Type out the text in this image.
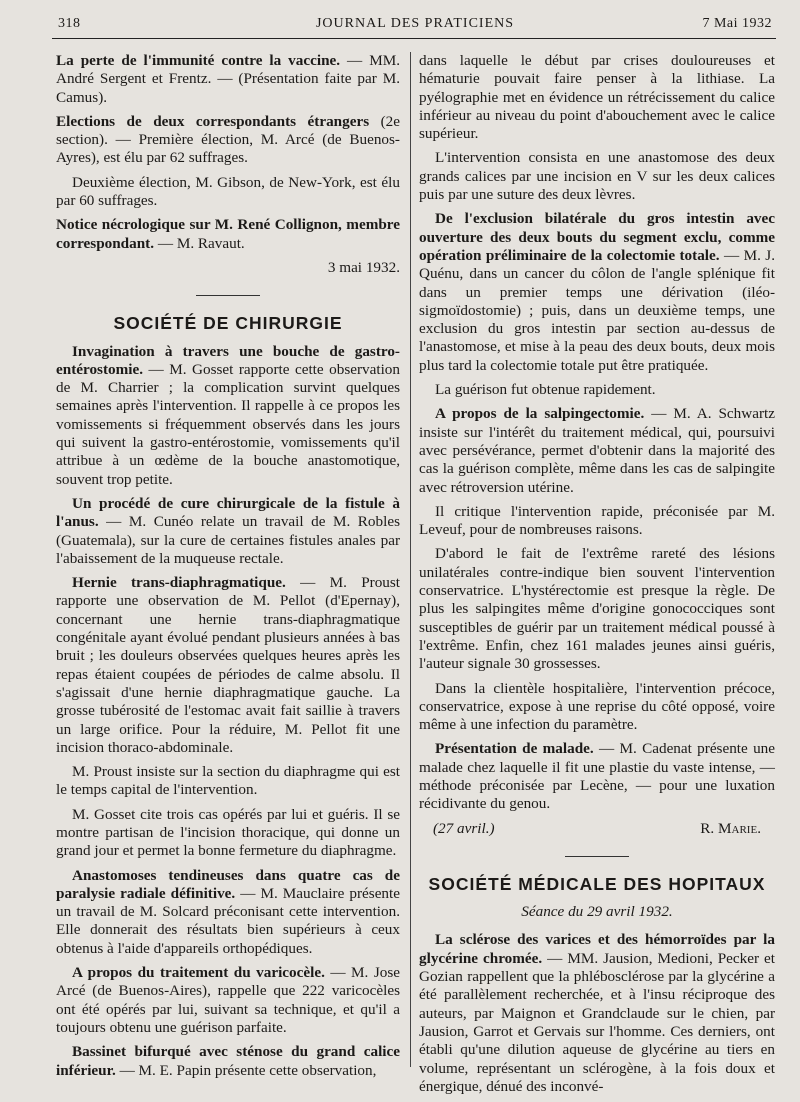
318	JOURNAL DES PRATICIENS	7 Mai 1932

La perte de l'immunité contre la vaccine. — MM. André Sergent et Frentz. — (Présentation faite par M. Camus).

Elections de deux correspondants étrangers (2e section). — Première élection, M. Arcé (de Buenos-Ayres), est élu par 62 suffrages.

Deuxième élection, M. Gibson, de New-York, est élu par 60 suffrages.

Notice nécrologique sur M. René Collignon, membre correspondant. — M. Ravaut.

3 mai 1932.

SOCIÉTÉ DE CHIRURGIE

Invagination à travers une bouche de gastro-entérostomie. — M. Gosset rapporte cette observation de M. Charrier ; la complication survint quelques semaines après l'intervention. Il rappelle à ce propos les vomissements si fréquemment observés dans les jours qui suivent la gastro-entérostomie, vomissements qu'il attribue à un œdème de la bouche anastomotique, souvent trop petite.

Un procédé de cure chirurgicale de la fistule à l'anus. — M. Cunéo relate un travail de M. Robles (Guatemala), sur la cure de certaines fistules anales par l'abaissement de la muqueuse rectale.

Hernie trans-diaphragmatique. — M. Proust rapporte une observation de M. Pellot (d'Epernay), concernant une hernie trans-diaphragmatique congénitale ayant évolué pendant plusieurs années à bas bruit ; les douleurs observées quelques heures après les repas étaient coupées de périodes de calme absolu. Il s'agissait d'une hernie diaphragmatique gauche. La grosse tubérosité de l'estomac avait fait saillie à travers un large orifice. Pour la réduire, M. Pellot fit une incision thoraco-abdominale.

M. Proust insiste sur la section du diaphragme qui est le temps capital de l'intervention.

M. Gosset cite trois cas opérés par lui et guéris. Il se montre partisan de l'incision thoracique, qui donne un grand jour et permet la bonne fermeture du diaphragme.

Anastomoses tendineuses dans quatre cas de paralysie radiale définitive. — M. Mauclaire présente un travail de M. Solcard préconisant cette intervention. Elle donnerait des résultats bien supérieurs à ceux obtenus à l'aide d'appareils orthopédiques.

A propos du traitement du varicocèle. — M. Jose Arcé (de Buenos-Aires), rappelle que 222 varicocèles ont été opérés par lui, suivant sa technique, et qu'il a toujours obtenu une guérison parfaite.

Bassinet bifurqué avec sténose du grand calice inférieur. — M. E. Papin présente cette observation,

dans laquelle le début par crises douloureuses et hématurie pouvait faire penser à la lithiase. La pyélographie met en évidence un rétrécissement du calice inférieur au niveau du point d'abouchement avec le calice supérieur.

L'intervention consista en une anastomose des deux grands calices par une incision en V sur les deux calices puis par une suture des deux lèvres.

De l'exclusion bilatérale du gros intestin avec ouverture des deux bouts du segment exclu, comme opération préliminaire de la colectomie totale. — M. J. Quénu, dans un cancer du côlon de l'angle splénique fit dans un premier temps une dérivation (iléo-sigmoïdostomie) ; puis, dans un deuxième temps, une exclusion du gros intestin par section au-dessus de l'anastomose, et mise à la peau des deux bouts, deux mois plus tard la colectomie totale put être pratiquée.

La guérison fut obtenue rapidement.

A propos de la salpingectomie. — M. A. Schwartz insiste sur l'intérêt du traitement médical, qui, poursuivi avec persévérance, permet d'obtenir dans la majorité des cas la guérison complète, même dans les cas de salpingite avec rétroversion utérine.

Il critique l'intervention rapide, préconisée par M. Leveuf, pour de nombreuses raisons.

D'abord le fait de l'extrême rareté des lésions unilatérales contre-indique bien souvent l'intervention conservatrice. L'hystérectomie est presque la règle. De plus les salpingites même d'origine gonococciques sont susceptibles de guérir par un traitement médical poussé à l'extrême. Enfin, chez 161 malades jeunes ainsi guéris, l'auteur signale 30 grossesses.

Dans la clientèle hospitalière, l'intervention précoce, conservatrice, expose à une reprise du côté opposé, voire même à une infection du paramètre.

Présentation de malade. — M. Cadenat présente une malade chez laquelle il fit une plastie du vaste intense, — méthode préconisée par Lecène, — pour une luxation récidivante du genou.

(27 avril.)	R. Marie.
SOCIÉTÉ MÉDICALE DES HOPITAUX
Séance du 29 avril 1932.

La sclérose des varices et des hémorroïdes par la glycérine chromée. — MM. Jausion, Medioni, Pecker et Gozian rappellent que la phlébosclérose par la glycérine a été parallèlement recherchée, et à l'insu réciproque des auteurs, par Maignon et Grandclaude sur le chien, par Jausion, Garrot et Gervais sur l'homme. Ces derniers, ont établi qu'une dilution aqueuse de glycérine au tiers en volume, représentant un sclérogène, à la fois doux et énergique, dénué des inconvé-
